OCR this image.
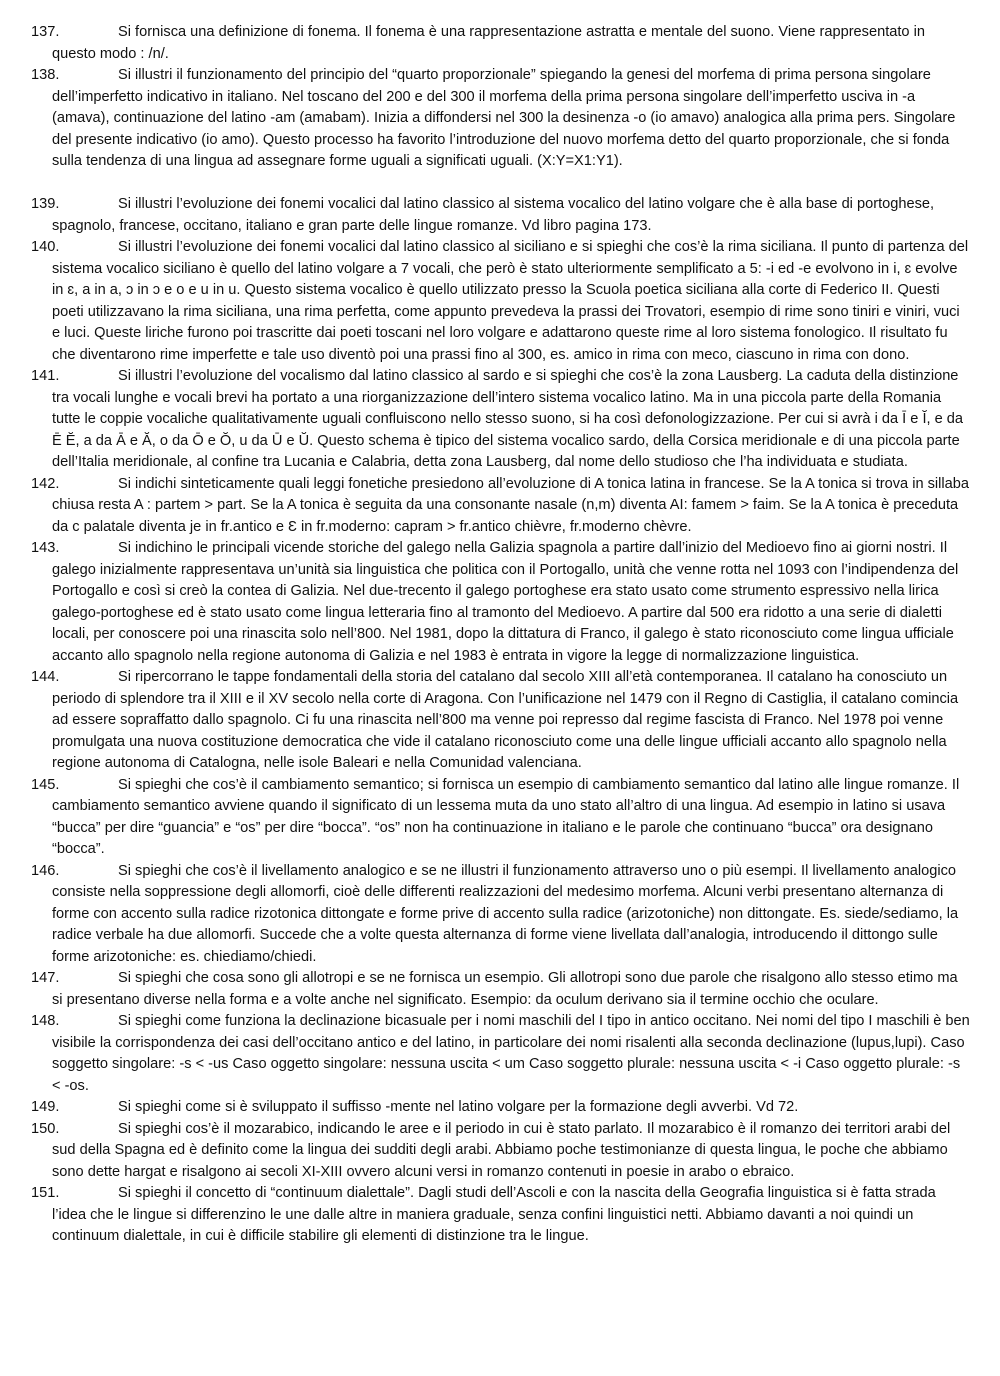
137.	Si fornisca una definizione di fonema. Il fonema è una rappresentazione astratta e mentale del suono. Viene rappresentato in questo modo : /n/.

138.	Si illustri il funzionamento del principio del “quarto proporzionale” spiegando la genesi del morfema di prima persona singolare dell’imperfetto indicativo in italiano. Nel toscano del 200 e del 300 il morfema della prima persona singolare dell’imperfetto usciva in -a (amava), continuazione del latino -am (amabam). Inizia a diffondersi nel 300 la desinenza -o (io amavo) analogica alla prima pers. Singolare del presente indicativo (io amo). Questo processo ha favorito l’introduzione del nuovo morfema detto del quarto proporzionale, che si fonda sulla tendenza di una lingua ad assegnare forme uguali a significati uguali. (X:Y=X1:Y1).

139.	Si illustri l’evoluzione dei fonemi vocalici dal latino classico al sistema vocalico del latino volgare che è alla base di portoghese, spagnolo, francese, occitano, italiano e gran parte delle lingue romanze. Vd libro pagina 173.

140.	Si illustri l’evoluzione dei fonemi vocalici dal latino classico al siciliano e si spieghi che cos’è la rima siciliana. Il punto di partenza del sistema vocalico siciliano è quello del latino volgare a 7 vocali, che però è stato ulteriormente semplificato a 5: -i ed -e evolvono in i, ɛ evolve in ɛ, a in a, ɔ in ɔ e o e u in u. Questo sistema vocalico è quello utilizzato presso la Scuola poetica siciliana alla corte di Federico II. Questi poeti utilizzavano la rima siciliana, una rima perfetta, come appunto prevedeva la prassi dei Trovatori, esempio di rime sono tiniri e viniri, vuci e luci. Queste liriche furono poi trascritte dai poeti toscani nel loro volgare e adattarono queste rime al loro sistema fonologico. Il risultato fu che diventarono rime imperfette e tale uso diventò poi una prassi fino al 300, es. amico in rima con meco, ciascuno in rima con dono.

141.	Si illustri l’evoluzione del vocalismo dal latino classico al sardo e si spieghi che cos’è la zona Lausberg. La caduta della distinzione tra vocali lunghe e vocali brevi ha portato a una riorganizzazione dell’intero sistema vocalico latino. Ma in una piccola parte della Romania tutte le coppie vocaliche qualitativamente uguali confluiscono nello stesso suono, si ha così defonologizzazione. Per cui si avrà i da Ī e Ĭ, e da Ē Ĕ, a da Ā e Ă, o da Ō e Ŏ, u da Ū e Ŭ. Questo schema è tipico del sistema vocalico sardo, della Corsica meridionale e di una piccola parte dell’Italia meridionale, al confine tra Lucania e Calabria, detta zona Lausberg, dal nome dello studioso che l’ha individuata e studiata.

142.	Si indichi sinteticamente quali leggi fonetiche presiedono all’evoluzione di A tonica latina in francese. Se la A tonica si trova in sillaba chiusa resta A : partem > part. Se la A tonica è seguita da una consonante nasale (n,m) diventa AI: famem > faim. Se la A tonica è preceduta da c palatale diventa je in fr.antico e Ɛ in fr.moderno: capram > fr.antico chièvre, fr.moderno chèvre.

143.	Si indichino le principali vicende storiche del galego nella Galizia spagnola a partire dall’inizio del Medioevo fino ai giorni nostri. Il galego inizialmente rappresentava un’unità sia linguistica che politica con il Portogallo, unità che venne rotta nel 1093 con l’indipendenza del Portogallo e così si creò la contea di Galizia. Nel due-trecento il galego portoghese era stato usato come strumento espressivo nella lirica galego-portoghese ed è stato usato come lingua letteraria fino al tramonto del Medioevo. A partire dal 500 era ridotto a una serie di dialetti locali, per conoscere poi una rinascita solo nell’800. Nel 1981, dopo la dittatura di Franco, il galego è stato riconosciuto come lingua ufficiale accanto allo spagnolo nella regione autonoma di Galizia e nel 1983 è entrata in vigore la legge di normalizzazione linguistica.

144.	Si ripercorrano le tappe fondamentali della storia del catalano dal secolo XIII all’età contemporanea. Il catalano ha conosciuto un periodo di splendore tra il XIII e il XV secolo nella corte di Aragona. Con l’unificazione nel 1479 con il Regno di Castiglia, il catalano comincia ad essere sopraffatto dallo spagnolo. Ci fu una rinascita nell’800 ma venne poi represso dal regime fascista di Franco. Nel 1978 poi venne promulgata una nuova costituzione democratica che vide il catalano riconosciuto come una delle lingue ufficiali accanto allo spagnolo nella regione autonoma di Catalogna, nelle isole Baleari e nella Comunidad valenciana.

145.	Si spieghi che cos’è il cambiamento semantico; si fornisca un esempio di cambiamento semantico dal latino alle lingue romanze. Il cambiamento semantico avviene quando il significato di un lessema muta da uno stato all’altro di una lingua. Ad esempio in latino si usava “bucca” per dire “guancia” e “os” per dire “bocca”. “os” non ha continuazione in italiano e le parole che continuano “bucca” ora designano “bocca”.

146.	Si spieghi che cos’è il livellamento analogico e se ne illustri il funzionamento attraverso uno o più esempi. Il livellamento analogico consiste nella soppressione degli allomorfi, cioè delle differenti realizzazioni del medesimo morfema. Alcuni verbi presentano alternanza di forme con accento sulla radice rizotonica dittongate e forme prive di accento sulla radice (arizotoniche) non dittongate. Es. siede/sediamo, la radice verbale ha due allomorfi. Succede che a volte questa alternanza di forme viene livellata dall’analogia, introducendo il dittongo sulle forme arizotoniche: es. chiediamo/chiedi.

147.	Si spieghi che cosa sono gli allotropi e se ne fornisca un esempio. Gli allotropi sono due parole che risalgono allo stesso etimo ma si presentano diverse nella forma e a volte anche nel significato. Esempio: da oculum derivano sia il termine occhio che oculare.

148.	Si spieghi come funziona la declinazione bicasuale per i nomi maschili del I tipo in antico occitano. Nei nomi del tipo I maschili è ben visibile la corrispondenza dei casi dell’occitano antico e del latino, in particolare dei nomi risalenti alla seconda declinazione (lupus,lupi). Caso soggetto singolare: -s < -us Caso oggetto singolare: nessuna uscita < um Caso soggetto plurale: nessuna uscita < -i Caso oggetto plurale: -s < -os.

149.	Si spieghi come si è sviluppato il suffisso -mente nel latino volgare per la formazione degli avverbi. Vd 72.

150.	Si spieghi cos’è il mozarabico, indicando le aree e il periodo in cui è stato parlato. Il mozarabico è il romanzo dei territori arabi del sud della Spagna ed è definito come la lingua dei sudditi degli arabi. Abbiamo poche testimonianze di questa lingua, le poche che abbiamo sono dette hargat e risalgono ai secoli XI-XIII ovvero alcuni versi in romanzo contenuti in poesie in arabo o ebraico.

151.	Si spieghi il concetto di “continuum dialettale”. Dagli studi dell’Ascoli e con la nascita della Geografia linguistica si è fatta strada l’idea che le lingue si differenzino le une dalle altre in maniera graduale, senza confini linguistici netti. Abbiamo davanti a noi quindi un continuum dialettale, in cui è difficile stabilire gli elementi di distinzione tra le lingue.
